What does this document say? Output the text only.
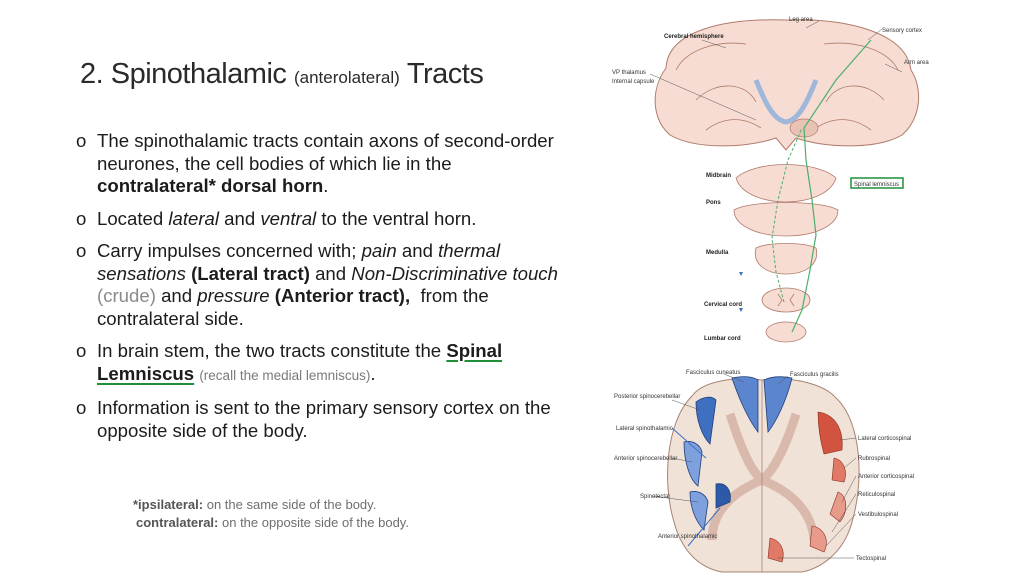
2. Spinothalamic (anterolateral) Tracts
o The spinothalamic tracts contain axons of second-order neurones, the cell bodies of which lie in the contralateral* dorsal horn.
o Located lateral and ventral to the ventral horn.
o Carry impulses concerned with; pain and thermal sensations (Lateral tract) and Non-Discriminative touch (crude) and pressure (Anterior tract), from the contralateral side.
o In brain stem, the two tracts constitute the Spinal Lemniscus (recall the medial lemniscus).
o Information is sent to the primary sensory cortex on the opposite side of the body.
*ipsilateral: on the same side of the body.
contralateral: on the opposite side of the body.
Leg area
Sensory cortex
Cerebral hemisphere
Arm area
VP thalamus
Internal capsule
Midbrain
Spinal lemniscus
Pons
Medulla
Cervical cord
Lumbar cord
Fasciculus cuneatus	Fasciculus gracilis
Posterior spinocerebellar
Lateral spinothalamic
Anterior spinocerebellar
Spinotectal
Anterior spinothalamic
Lateral corticospinal
Rubrospinal
Anterior corticospinal
Reticulospinal
Vestibulospinal
Tectospinal
